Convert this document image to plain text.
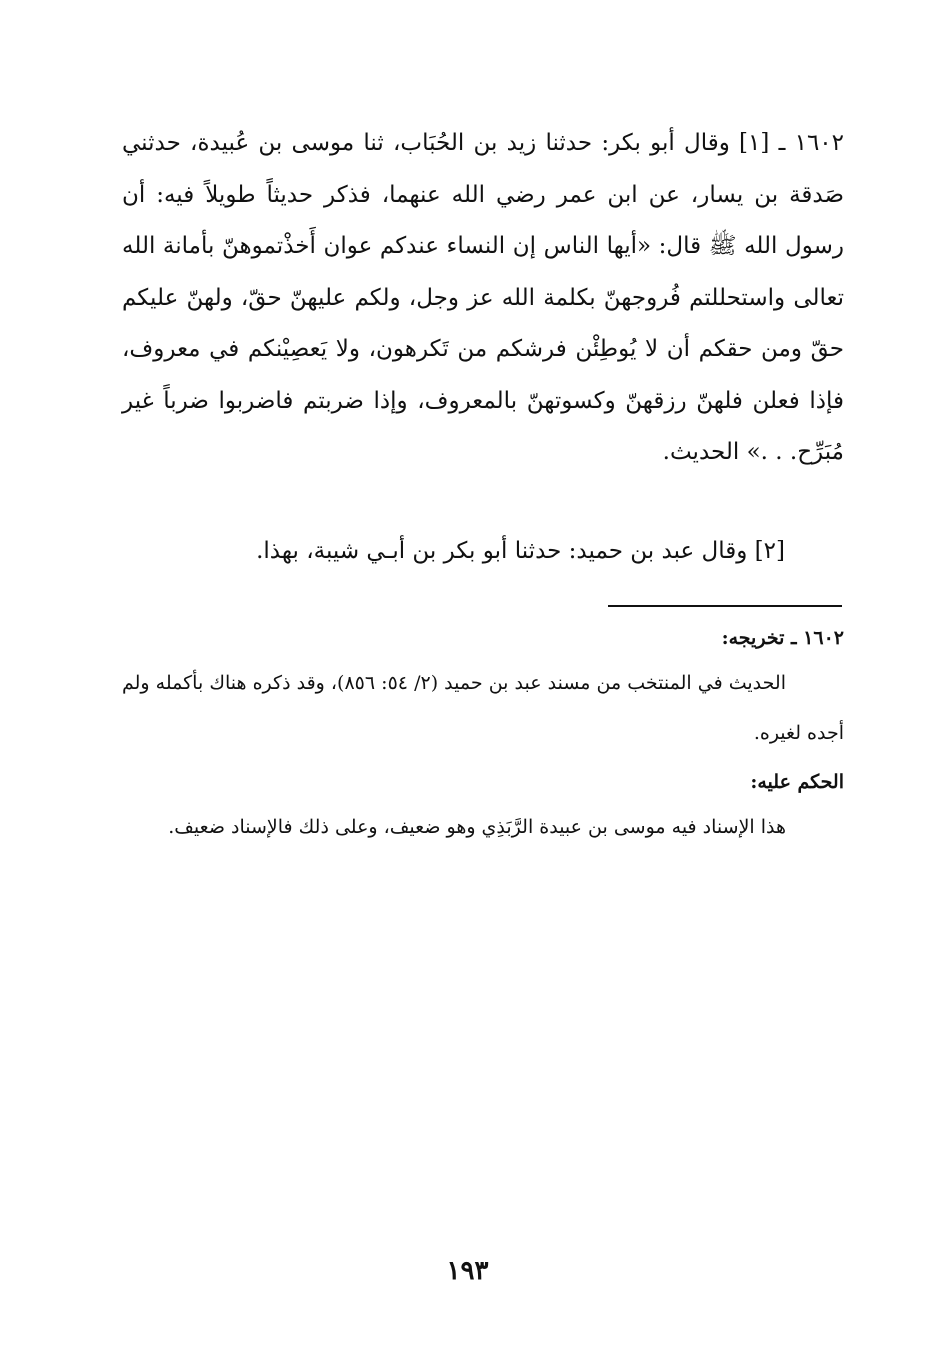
١٦٠٢ ـ [١] وقال أبو بكر: حدثنا زيد بن الحُبَاب، ثنا موسى بن عُبيدة، حدثني صَدقة بن يسار، عن ابن عمر رضي الله عنهما، فذكر حديثاً طويلاً فيه: أن رسول الله ﷺ قال: «أيها الناس إن النساء عندكم عوان أَخذْتموهنّ بأمانة الله تعالى واستحللتم فُروجهنّ بكلمة الله عز وجل، ولكم عليهنّ حقّ، ولهنّ عليكم حقّ ومن حقكم أن لا يُوطِئْن فرشكم من تَكرهون، ولا يَعصِيْنكم في معروف، فإذا فعلن فلهنّ رزقهنّ وكسوتهنّ بالمعروف، وإذا ضربتم فاضربوا ضرباً غير مُبَرِّح. . .» الحديث.

[٢] وقال عبد بن حميد: حدثنا أبو بكر بن أبـي شيبة، بهذا.
١٦٠٢ ـ تخريجه:

الحديث في المنتخب من مسند عبد بن حميد (٢/ ٥٤: ٨٥٦)، وقد ذكره هناك بأكمله ولم أجده لغيره.

الحكم عليه:

هذا الإسناد فيه موسى بن عبيدة الرَّبَذِي وهو ضعيف، وعلى ذلك فالإسناد ضعيف.

١٩٣
